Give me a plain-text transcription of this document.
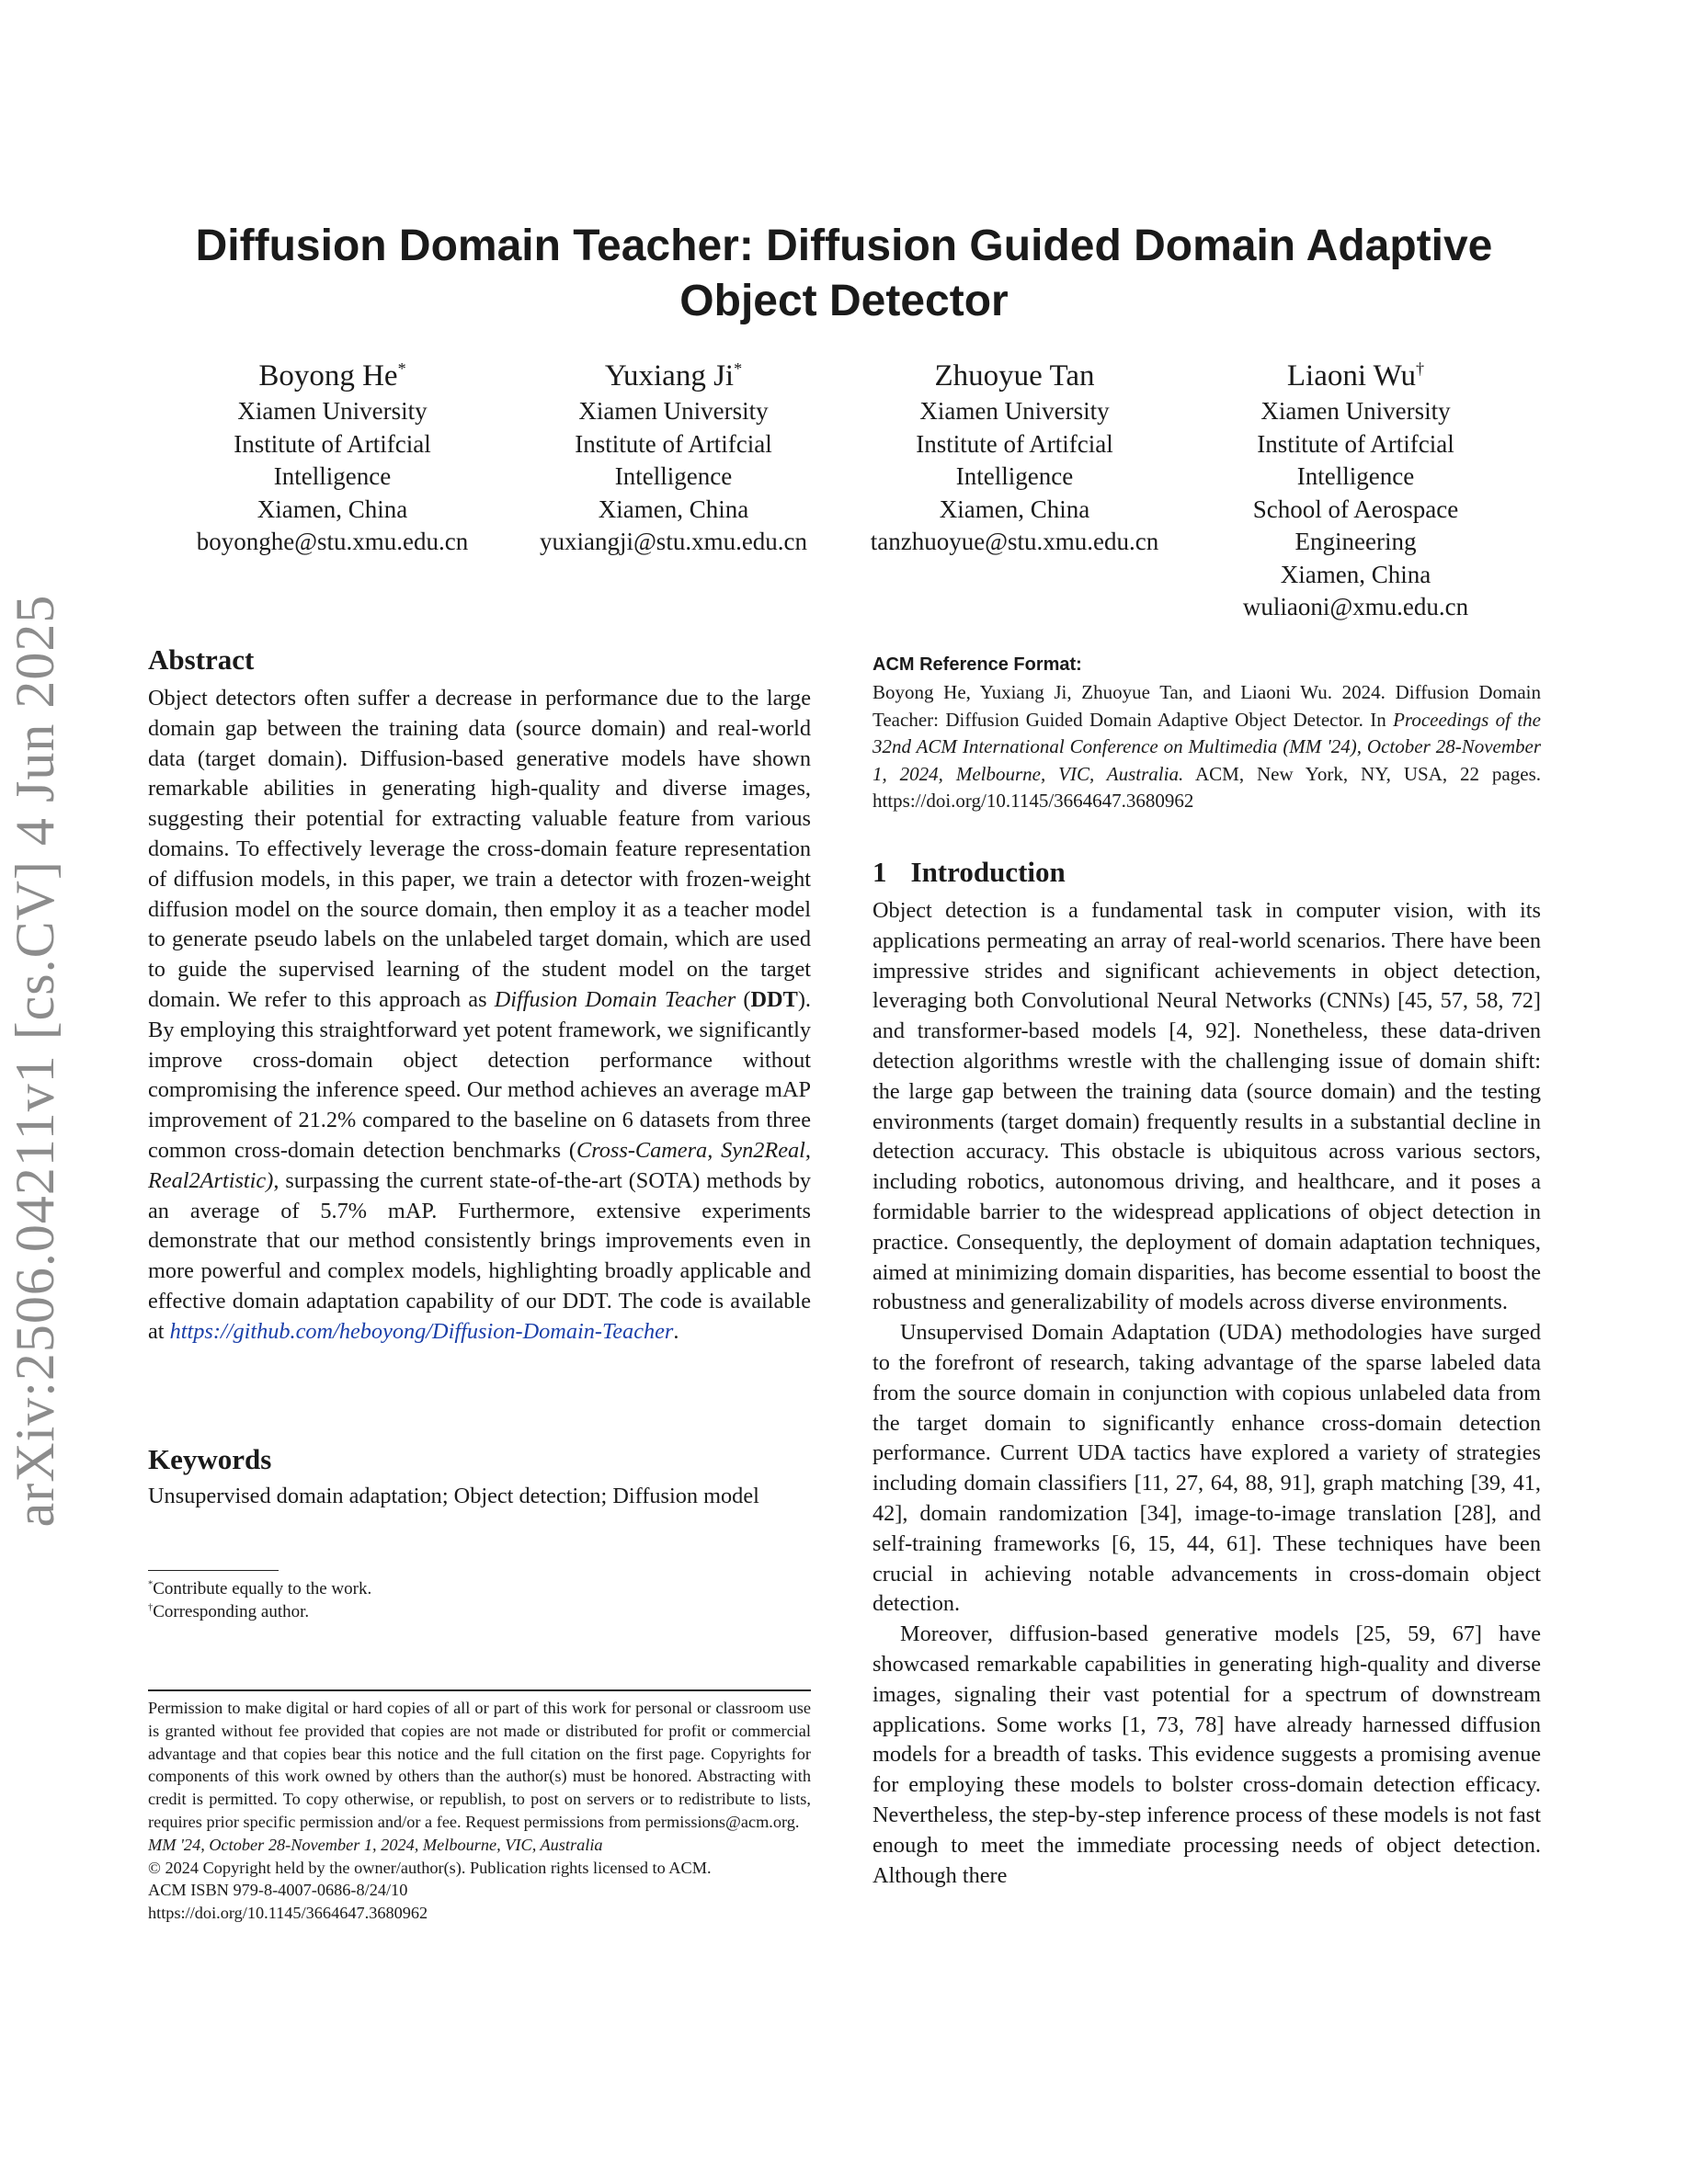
arXiv:2506.04211v1 [cs.CV] 4 Jun 2025
Diffusion Domain Teacher: Diffusion Guided Domain Adaptive Object Detector
Boyong He*
Xiamen University
Institute of Artifcial
Intelligence
Xiamen, China
boyonghe@stu.xmu.edu.cn
Yuxiang Ji*
Xiamen University
Institute of Artifcial
Intelligence
Xiamen, China
yuxiangji@stu.xmu.edu.cn
Zhuoyue Tan
Xiamen University
Institute of Artifcial
Intelligence
Xiamen, China
tanzhuoyue@stu.xmu.edu.cn
Liaoni Wu†
Xiamen University
Institute of Artifcial
Intelligence
School of Aerospace
Engineering
Xiamen, China
wuliaoni@xmu.edu.cn
Abstract

Object detectors often suffer a decrease in performance due to the large domain gap between the training data (source domain) and real-world data (target domain). Diffusion-based generative models have shown remarkable abilities in generating high-quality and diverse images, suggesting their potential for extracting valuable feature from various domains. To effectively leverage the cross-domain feature representation of diffusion models, in this paper, we train a detector with frozen-weight diffusion model on the source domain, then employ it as a teacher model to generate pseudo labels on the unlabeled target domain, which are used to guide the supervised learning of the student model on the target domain. We refer to this approach as Diffusion Domain Teacher (DDT). By employing this straightforward yet potent framework, we significantly improve cross-domain object detection performance without compromising the inference speed. Our method achieves an average mAP improvement of 21.2% compared to the baseline on 6 datasets from three common cross-domain detection benchmarks (Cross-Camera, Syn2Real, Real2Artistic), surpassing the current state-of-the-art (SOTA) methods by an average of 5.7% mAP. Furthermore, extensive experiments demonstrate that our method consistently brings improvements even in more powerful and complex models, highlighting broadly applicable and effective domain adaptation capability of our DDT. The code is available at https://github.com/heboyong/Diffusion-Domain-Teacher.

Keywords

Unsupervised domain adaptation; Object detection; Diffusion model

*Contribute equally to the work.

†Corresponding author.

Permission to make digital or hard copies of all or part of this work for personal or classroom use is granted without fee provided that copies are not made or distributed for profit or commercial advantage and that copies bear this notice and the full citation on the first page. Copyrights for components of this work owned by others than the author(s) must be honored. Abstracting with credit is permitted. To copy otherwise, or republish, to post on servers or to redistribute to lists, requires prior specific permission and/or a fee. Request permissions from permissions@acm.org.

MM '24, October 28-November 1, 2024, Melbourne, VIC, Australia

© 2024 Copyright held by the owner/author(s). Publication rights licensed to ACM.

ACM ISBN 979-8-4007-0686-8/24/10

https://doi.org/10.1145/3664647.3680962

ACM Reference Format:

Boyong He, Yuxiang Ji, Zhuoyue Tan, and Liaoni Wu. 2024. Diffusion Domain Teacher: Diffusion Guided Domain Adaptive Object Detector. In Proceedings of the 32nd ACM International Conference on Multimedia (MM '24), October 28-November 1, 2024, Melbourne, VIC, Australia. ACM, New York, NY, USA, 22 pages. https://doi.org/10.1145/3664647.3680962

1 Introduction

Object detection is a fundamental task in computer vision, with its applications permeating an array of real-world scenarios. There have been impressive strides and significant achievements in object detection, leveraging both Convolutional Neural Networks (CNNs) [45, 57, 58, 72] and transformer-based models [4, 92]. Nonetheless, these data-driven detection algorithms wrestle with the challenging issue of domain shift: the large gap between the training data (source domain) and the testing environments (target domain) frequently results in a substantial decline in detection accuracy. This obstacle is ubiquitous across various sectors, including robotics, autonomous driving, and healthcare, and it poses a formidable barrier to the widespread applications of object detection in practice. Consequently, the deployment of domain adaptation techniques, aimed at minimizing domain disparities, has become essential to boost the robustness and generalizability of models across diverse environments.

Unsupervised Domain Adaptation (UDA) methodologies have surged to the forefront of research, taking advantage of the sparse labeled data from the source domain in conjunction with copious unlabeled data from the target domain to significantly enhance cross-domain detection performance. Current UDA tactics have explored a variety of strategies including domain classifiers [11, 27, 64, 88, 91], graph matching [39, 41, 42], domain randomization [34], image-to-image translation [28], and self-training frameworks [6, 15, 44, 61]. These techniques have been crucial in achieving notable advancements in cross-domain object detection.

Moreover, diffusion-based generative models [25, 59, 67] have showcased remarkable capabilities in generating high-quality and diverse images, signaling their vast potential for a spectrum of downstream applications. Some works [1, 73, 78] have already harnessed diffusion models for a breadth of tasks. This evidence suggests a promising avenue for employing these models to bolster cross-domain detection efficacy. Nevertheless, the step-by-step inference process of these models is not fast enough to meet the immediate processing needs of object detection. Although there
